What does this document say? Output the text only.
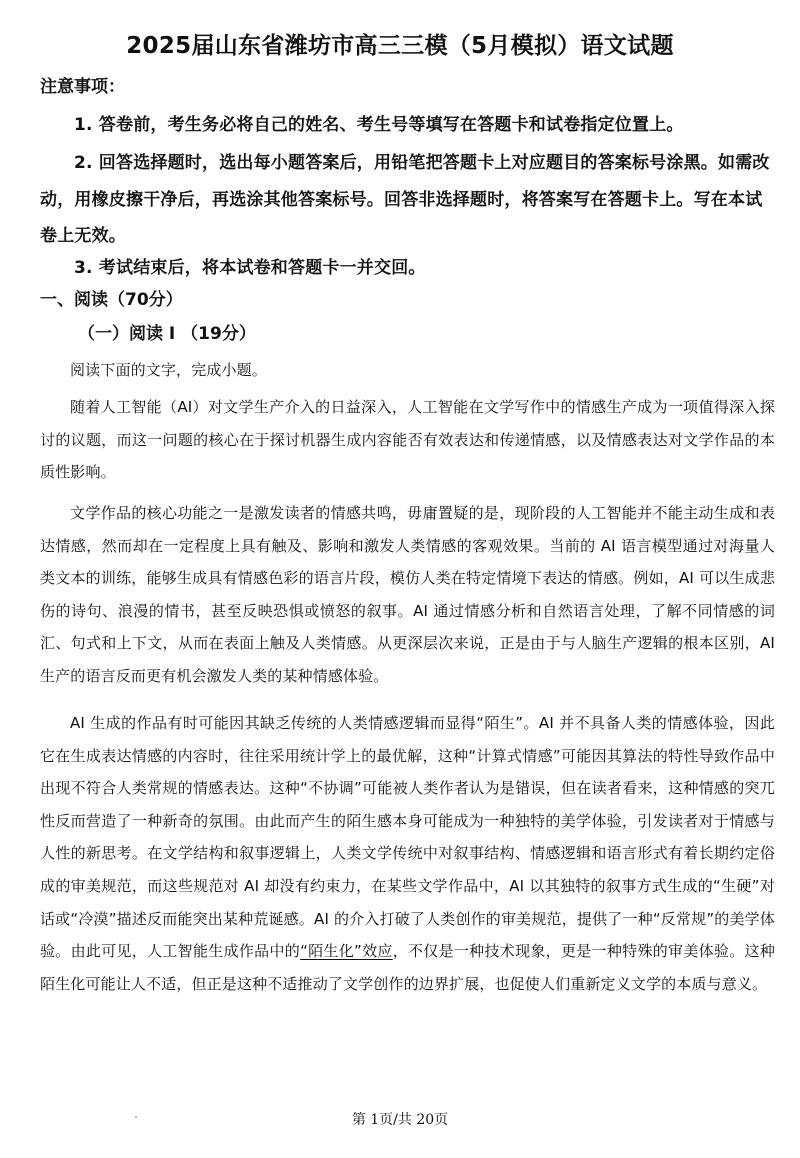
2025届山东省潍坊市高三三模（5月模拟）语文试题
注意事项：
1. 答卷前，考生务必将自己的姓名、考生号等填写在答题卡和试卷指定位置上。
2. 回答选择题时，选出每小题答案后，用铅笔把答题卡上对应题目的答案标号涂黑。如需改动，用橡皮擦干净后，再选涂其他答案标号。回答非选择题时，将答案写在答题卡上。写在本试卷上无效。
3. 考试结束后，将本试卷和答题卡一并交回。
一、阅读（70分）
（一）阅读 I （19分）
阅读下面的文字，完成小题。
随着人工智能（AI）对文学生产介入的日益深入，人工智能在文学写作中的情感生产成为一项值得深入探讨的议题，而这一问题的核心在于探讨机器生成内容能否有效表达和传递情感，以及情感表达对文学作品的本质性影响。
文学作品的核心功能之一是激发读者的情感共鸣，毋庸置疑的是，现阶段的人工智能并不能主动生成和表达情感，然而却在一定程度上具有触及、影响和激发人类情感的客观效果。当前的 AI 语言模型通过对海量人类文本的训练，能够生成具有情感色彩的语言片段，模仿人类在特定情境下表达的情感。例如，AI 可以生成悲伤的诗句、浪漫的情书，甚至反映恐惧或愤怒的叙事。AI 通过情感分析和自然语言处理，了解不同情感的词汇、句式和上下文，从而在表面上触及人类情感。从更深层次来说，正是由于与人脑生产逻辑的根本区别，AI 生产的语言反而更有机会激发人类的某种情感体验。
AI 生成的作品有时可能因其缺乏传统的人类情感逻辑而显得“陌生”。AI 并不具备人类的情感体验，因此它在生成表达情感的内容时，往往采用统计学上的最优解，这种“计算式情感”可能因其算法的特性导致作品中出现不符合人类常规的情感表达。这种“不协调”可能被人类作者认为是错误，但在读者看来，这种情感的突兀性反而营造了一种新奇的氛围。由此而产生的陌生感本身可能成为一种独特的美学体验，引发读者对于情感与人性的新思考。在文学结构和叙事逻辑上，人类文学传统中对叙事结构、情感逻辑和语言形式有着长期约定俗成的审美规范，而这些规范对 AI 却没有约束力，在某些文学作品中，AI 以其独特的叙事方式生成的“生硬”对话或“冷漠”描述反而能突出某种荒诞感。AI 的介入打破了人类创作的审美规范，提供了一种“反常规”的美学体验。由此可见，人工智能生成作品中的“陌生化”效应，不仅是一种技术现象，更是一种特殊的审美体验。这种陌生化可能让人不适，但正是这种不适推动了文学创作的边界扩展，也促使人们重新定义文学的本质与意义。
第 1页/共 20页
